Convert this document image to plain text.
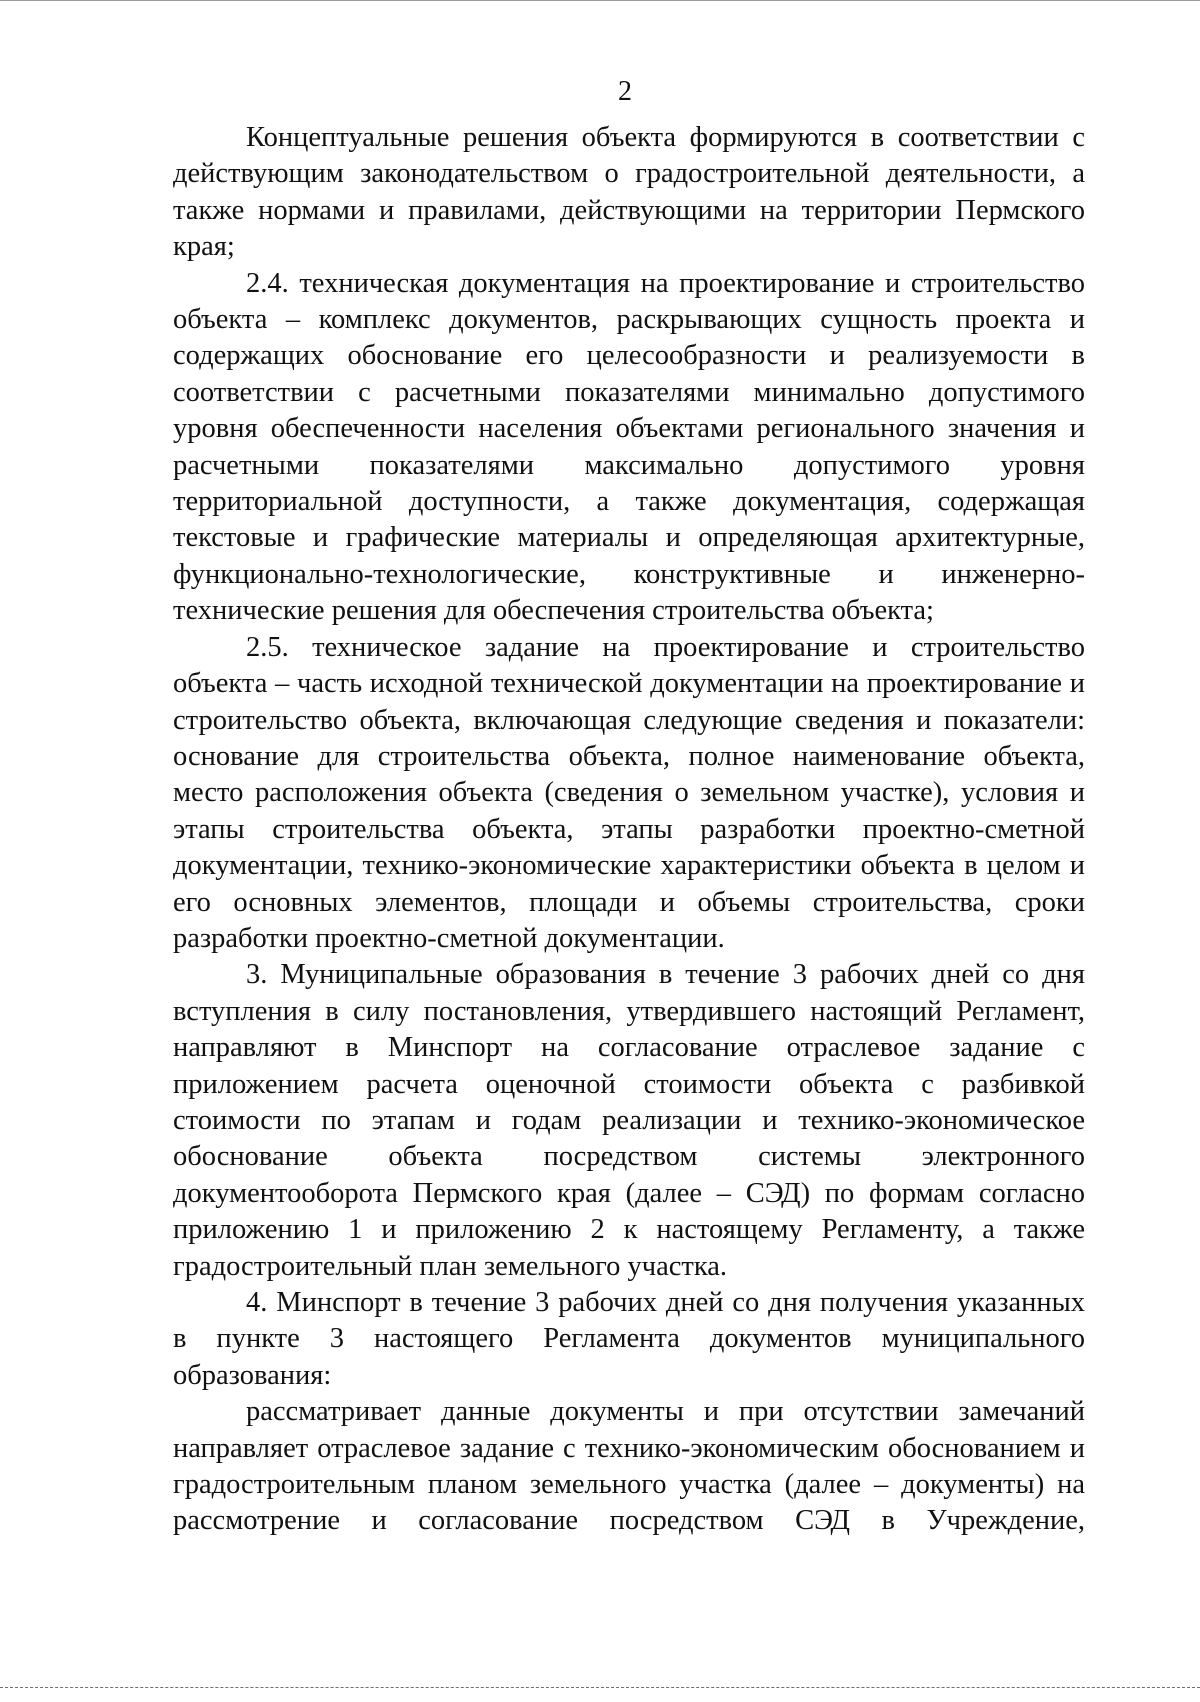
2

Концептуальные решения объекта формируются в соответствии с действующим законодательством о градостроительной деятельности, а также нормами и правилами, действующими на территории Пермского края;

2.4. техническая документация на проектирование и строительство объекта – комплекс документов, раскрывающих сущность проекта и содержащих обоснование его целесообразности и реализуемости в соответствии с расчетными показателями минимально допустимого уровня обеспеченности населения объектами регионального значения и расчетными показателями максимально допустимого уровня территориальной доступности, а также документация, содержащая текстовые и графические материалы и определяющая архитектурные, функционально-технологические, конструктивные и инженерно-технические решения для обеспечения строительства объекта;

2.5. техническое задание на проектирование и строительство объекта – часть исходной технической документации на проектирование и строительство объекта, включающая следующие сведения и показатели: основание для строительства объекта, полное наименование объекта, место расположения объекта (сведения о земельном участке), условия и этапы строительства объекта, этапы разработки проектно-сметной документации, технико-экономические характеристики объекта в целом и его основных элементов, площади и объемы строительства, сроки разработки проектно-сметной документации.

3. Муниципальные образования в течение 3 рабочих дней со дня вступления в силу постановления, утвердившего настоящий Регламент, направляют в Минспорт на согласование отраслевое задание с приложением расчета оценочной стоимости объекта с разбивкой стоимости по этапам и годам реализации и технико-экономическое обоснование объекта посредством системы электронного документооборота Пермского края (далее – СЭД) по формам согласно приложению 1 и приложению 2 к настоящему Регламенту, а также градостроительный план земельного участка.

4. Минспорт в течение 3 рабочих дней со дня получения указанных в пункте 3 настоящего Регламента документов муниципального образования:

рассматривает данные документы и при отсутствии замечаний направляет отраслевое задание с технико-экономическим обоснованием и градостроительным планом земельного участка (далее – документы) на рассмотрение и согласование посредством СЭД в Учреждение,
